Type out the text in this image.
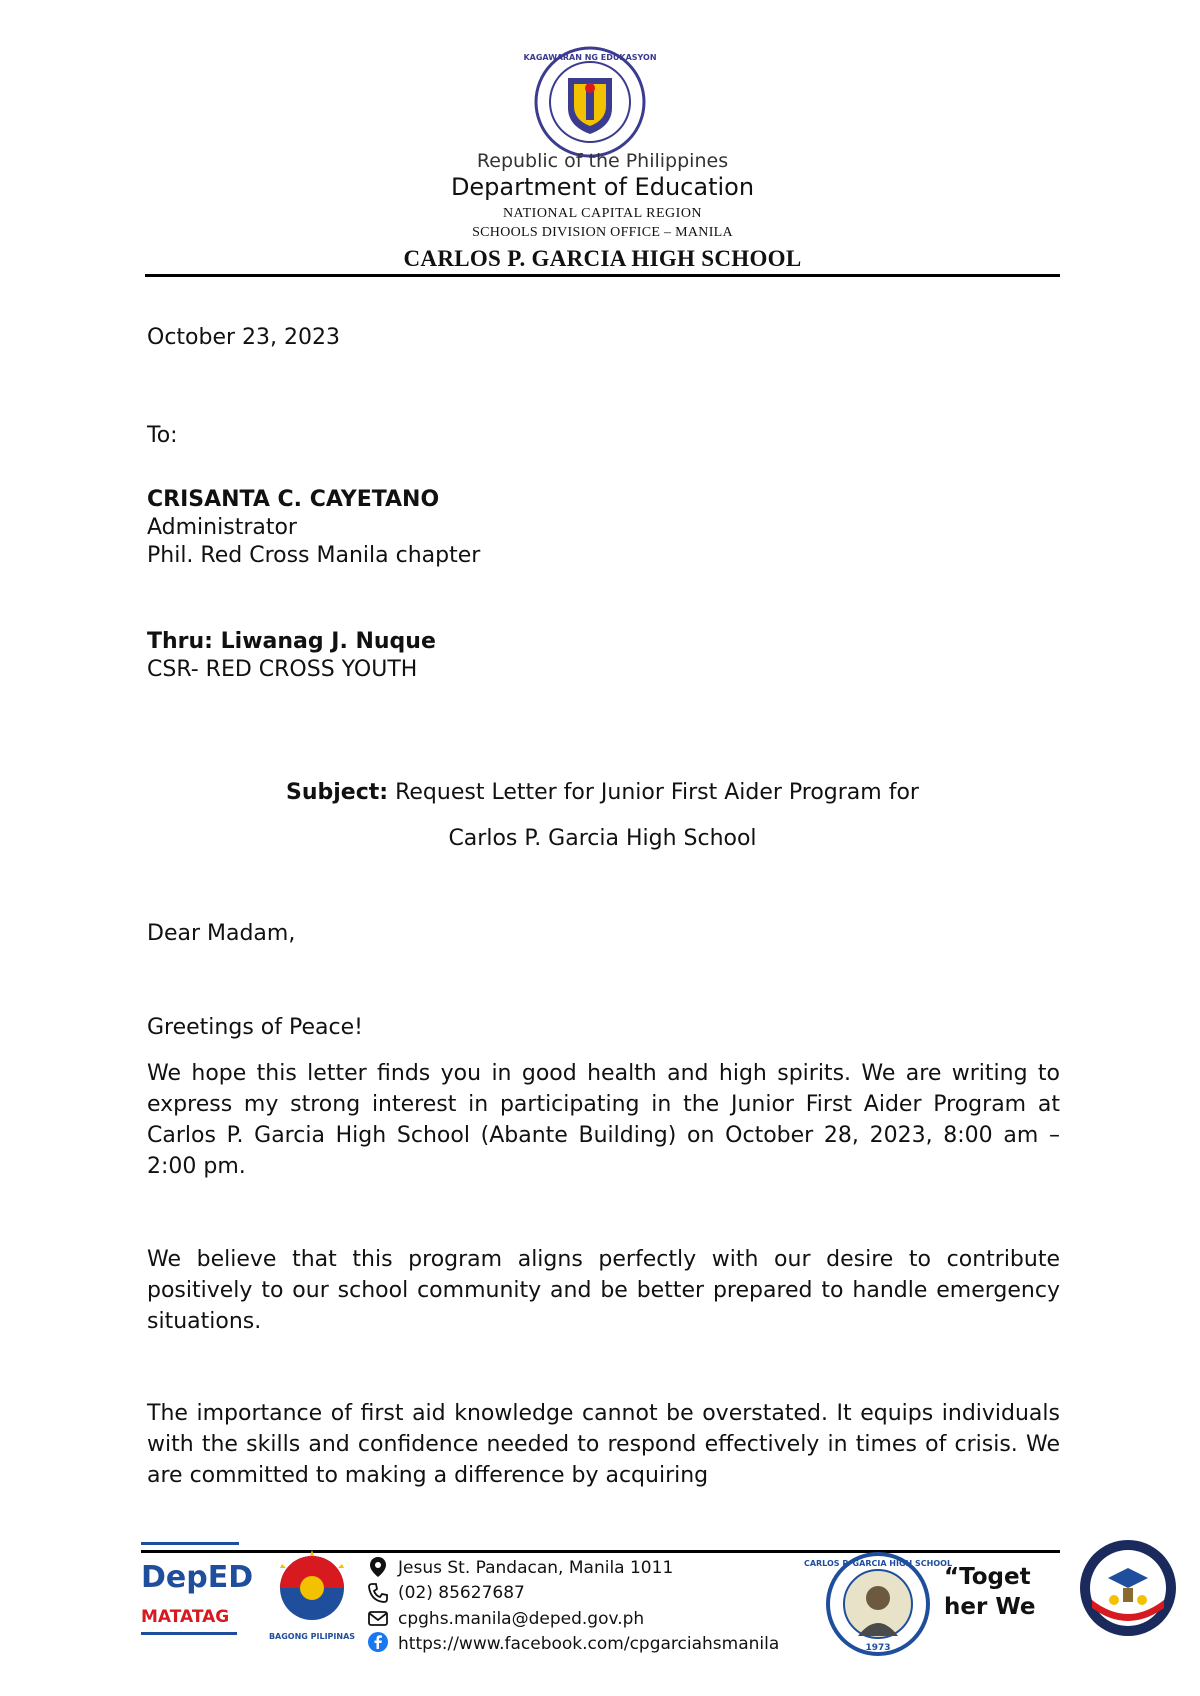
KAGAWARAN NG EDUKASYON
Republic of the Philippines
Department of Education
NATIONAL CAPITAL REGION
SCHOOLS DIVISION OFFICE – MANILA
CARLOS P. GARCIA HIGH SCHOOL
October 23, 2023
To:
CRISANTA C. CAYETANO
Administrator
Phil. Red Cross Manila chapter
Thru: Liwanag J. Nuque
CSR- RED CROSS YOUTH
Subject: Request Letter for Junior First Aider Program for
Carlos P. Garcia High School
Dear Madam,
Greetings of Peace!
We hope this letter finds you in good health and high spirits. We are writing to express my strong interest in participating in the Junior First Aider Program at Carlos P. Garcia High School (Abante Building) on October 28, 2023, 8:00 am – 2:00 pm.
We believe that this program aligns perfectly with our desire to contribute positively to our school community and be better prepared to handle emergency situations.
The importance of first aid knowledge cannot be overstated. It equips individuals with the skills and confidence needed to respond effectively in times of crisis. We are committed to making a difference by acquiring
DepED
MATATAG
BAGONG PILIPINAS
Jesus St. Pandacan, Manila 1011
(02) 85627687
cpghs.manila@deped.gov.ph
https://www.facebook.com/cpgarciahsmanila
CARLOS P. GARCIA HIGH SCHOOL
1973
“Toget
her We
